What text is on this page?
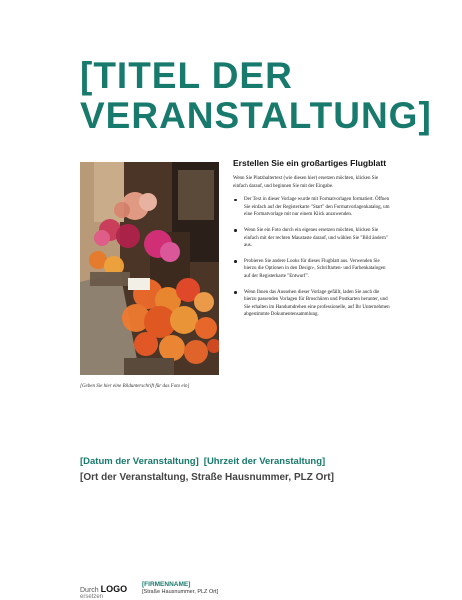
[TITEL DER VERANSTALTUNG]
[Geben Sie hier eine Bildunterschrift für das Foto ein]
Erstellen Sie ein großartiges Flugblatt

Wenn Sie Platzhaltertext (wie diesen hier) ersetzen möchten, klicken Sie einfach darauf, und beginnen Sie mit der Eingabe.

Der Text in dieser Vorlage wurde mit Formatvorlagen formatiert. Öffnen Sie einfach auf der Registerkarte "Start" den Formatvorlagenkatalog, um eine Formatvorlage mit nur einem Klick anzuwenden.
Wenn Sie ein Foto durch ein eigenes ersetzen möchten, klicken Sie einfach mit der rechten Maustaste darauf, und wählen Sie "Bild ändern" aus.
Probieren Sie andere Looks für dieses Flugblatt aus. Verwenden Sie hierzu die Optionen in den Design-, Schriftarten- und Farbenkatalogen auf der Registerkarte "Entwurf".
Wenn Ihnen das Aussehen dieser Vorlage gefällt, laden Sie auch die hierzu passenden Vorlagen für Broschüren und Postkarten herunter, und Sie erhalten im Handumdrehen eine professionelle, auf Ihr Unternehmen abgestimmte Dokumentensammlung.
[Datum der Veranstaltung] [Uhrzeit der Veranstaltung]
[Ort der Veranstaltung, Straße Hausnummer, PLZ Ort]
Durch LOGO
ersetzen
[FIRMENNAME]
[Straße Hausnummer, PLZ Ort]
